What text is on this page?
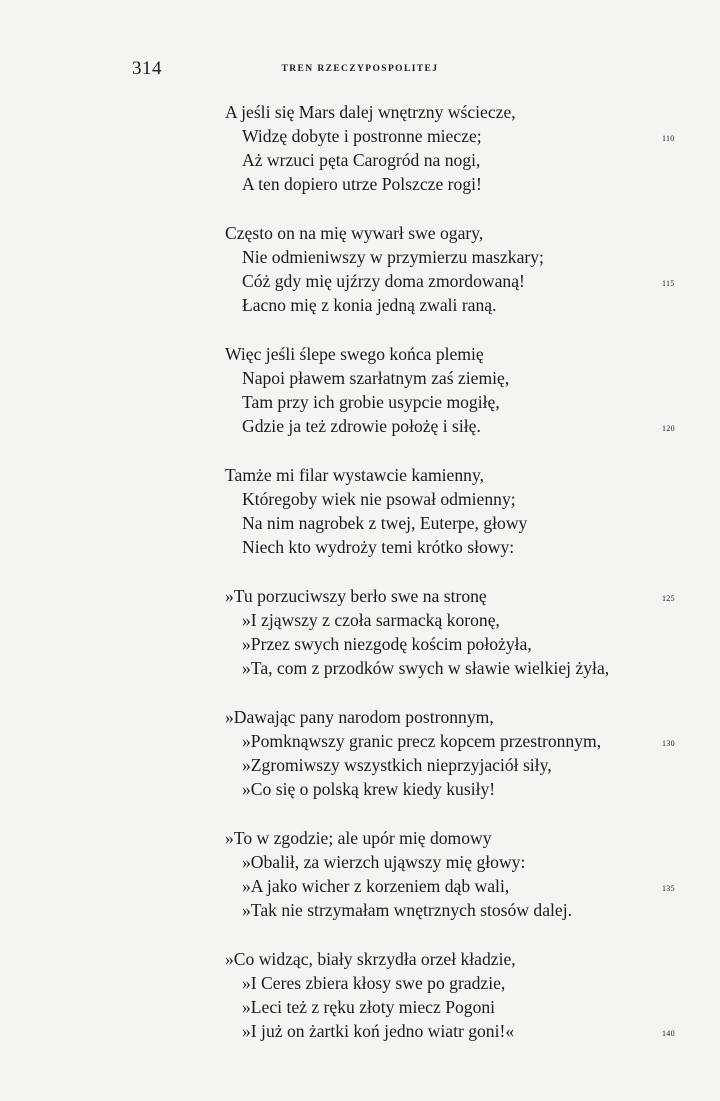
314	TREN RZECZYPOSPOLITEJ
A jeśli się Mars dalej wnętrzny wściecze,
Widzę dobyte i postronne miecze;	110
Aż wrzuci pęta Carogród na nogi,
A ten dopiero utrze Polszcze rogi!
Często on na mię wywarł swe ogary,
Nie odmieniwszy w przymierzu maszkary;
Cóż gdy mię ujźrzy doma zmordowaną!	115
Łacno mię z konia jedną zwali raną.
Więc jeśli ślepe swego końca plemię
Napoi pławem szarłatnym zaś ziemię,
Tam przy ich grobie usypcie mogiłę,
Gdzie ja też zdrowie położę i siłę.	120
Tamże mi filar wystawcie kamienny,
Któregoby wiek nie psował odmienny;
Na nim nagrobek z twej, Euterpe, głowy
Niech kto wydroży temi krótko słowy:
»Tu porzuciwszy berło swe na stronę	125
»I zjąwszy z czoła sarmacką koronę,
»Przez swych niezgodę kościm położyła,
»Ta, com z przodków swych w sławie wielkiej żyła,
»Dawając pany narodom postronnym,
»Pomknąwszy granic precz kopcem przestronnym,	130
»Zgromiwszy wszystkich nieprzyjaciół siły,
»Co się o polską krew kiedy kusiły!
»To w zgodzie; ale upór mię domowy
»Obalił, za wierzch ująwszy mię głowy:
»A jako wicher z korzeniem dąb wali,	135
»Tak nie strzymałam wnętrznych stosów dalej.
»Co widząc, biały skrzydła orzeł kładzie,
»I Ceres zbiera kłosy swe po gradzie,
»Leci też z ręku złoty miecz Pogoni
»I już on żartki koń jedno wiatr goni!«	140
